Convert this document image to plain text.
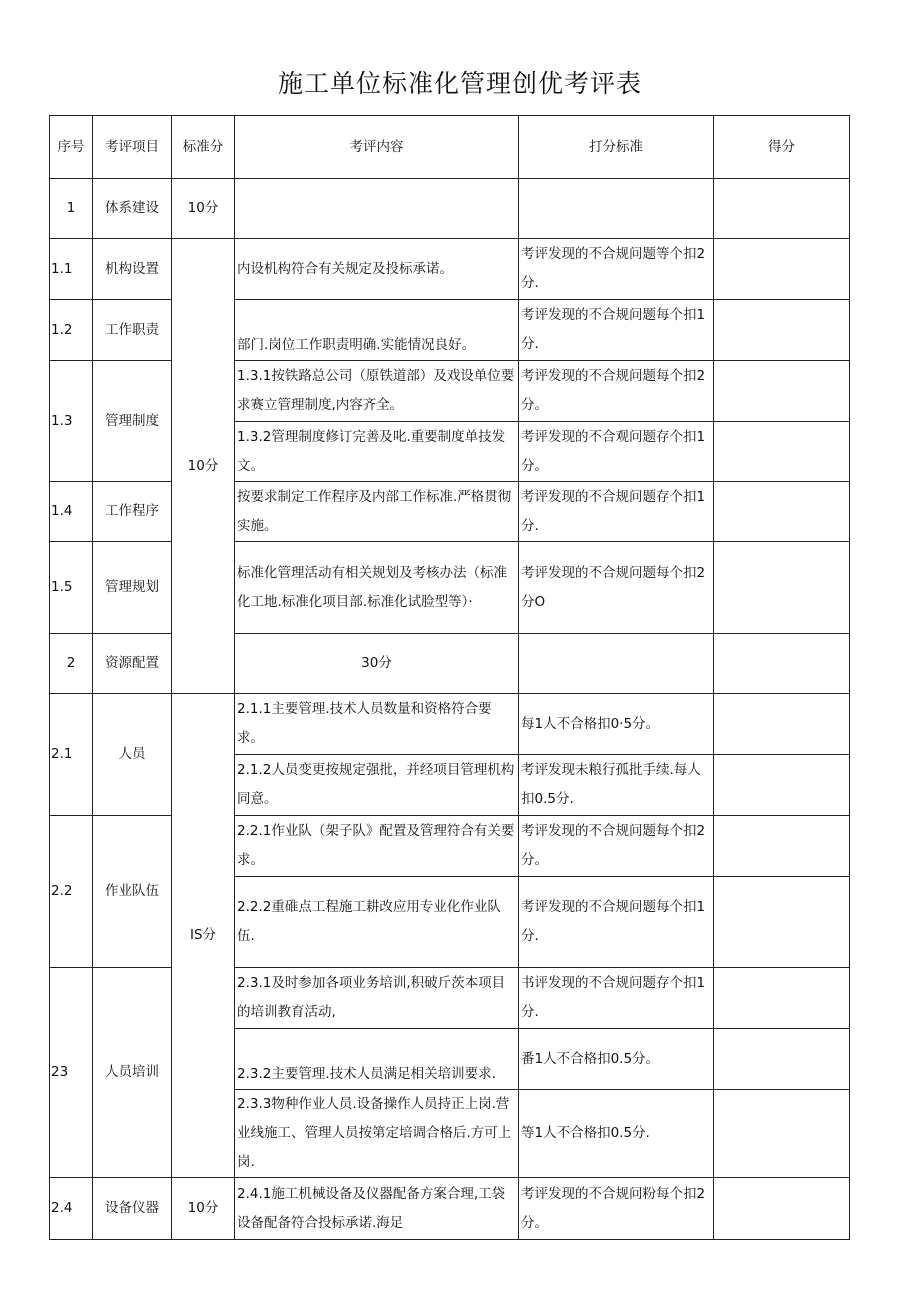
施工单位标准化管理创优考评表
序号	考评项目	标准分	考评内容	打分标准	得分	
1	体系建设	10分				
1.1	机构设置	10分	内设机构符合有关规定及投标承诺。	考评发现的不合规问题等个扣2分.		
1.2	工作职责		部门.岗位工作职责明确.实能情况良好。	考评发现的不合规问题每个扣1分.		
1.3	管理制度		1.3.1按铁路总公司（原铁道部）及戏设单位要求赛立管理制度,内容齐全。	考评发现的不合规问题每个扣2分。		
			1.3.2管理制度修订完善及叱.重要制度单技发文。	考评发现的不合观问题存个扣1分。		
1.4	工作程序		按要求制定工作程序及内部工作标准.严格贯彻实施。	考评发现的不合规问题存个扣1分.		
1.5	管理规划		标准化管理活动有相关规划及考核办法（标准化工地.标准化项目部.标准化试脸型等）·	考评发现的不合规问题每个扣2分O		
2	资源配置		30分			
2.1	人员	IS分	2.1.1主要管理.技术人员数量和资格符合要求。	每1人不合格扣0·5分。		
			2.1.2人员变更按规定强批，并经项目管理机构同意。	考评发现未粮行孤批手续.每人扣0.5分.		
2.2	作业队伍		2.2.1作业队（架子队》配置及管理符合有关要求。	考评发现的不合规问题每个扣2分。		
			2.2.2重碓点工程施工耕改应用专业化作业队伍.	考评发现的不合规问题每个扣1分.		
23	人员培训		2.3.1及时参加各项业务培训,积破斤茨本项目的培训教育活动,	书评发现的不合规问题存个扣1分.		
			2.3.2主要管理.技术人员满足相关培训要求.	番1人不合格扣0.5分。		
			2.3.3物种作业人员.设备操作人员持正上岗.营业线施工、管理人员按第定培调合格后.方可上岗.	等1人不合格扣0.5分.		
2.4	设备仪器	10分	2.4.1施工机械设备及仪器配备方案合理,工袋设备配备符合投标承诺.海足	考评发现的不合规问粉每个扣2分。		
